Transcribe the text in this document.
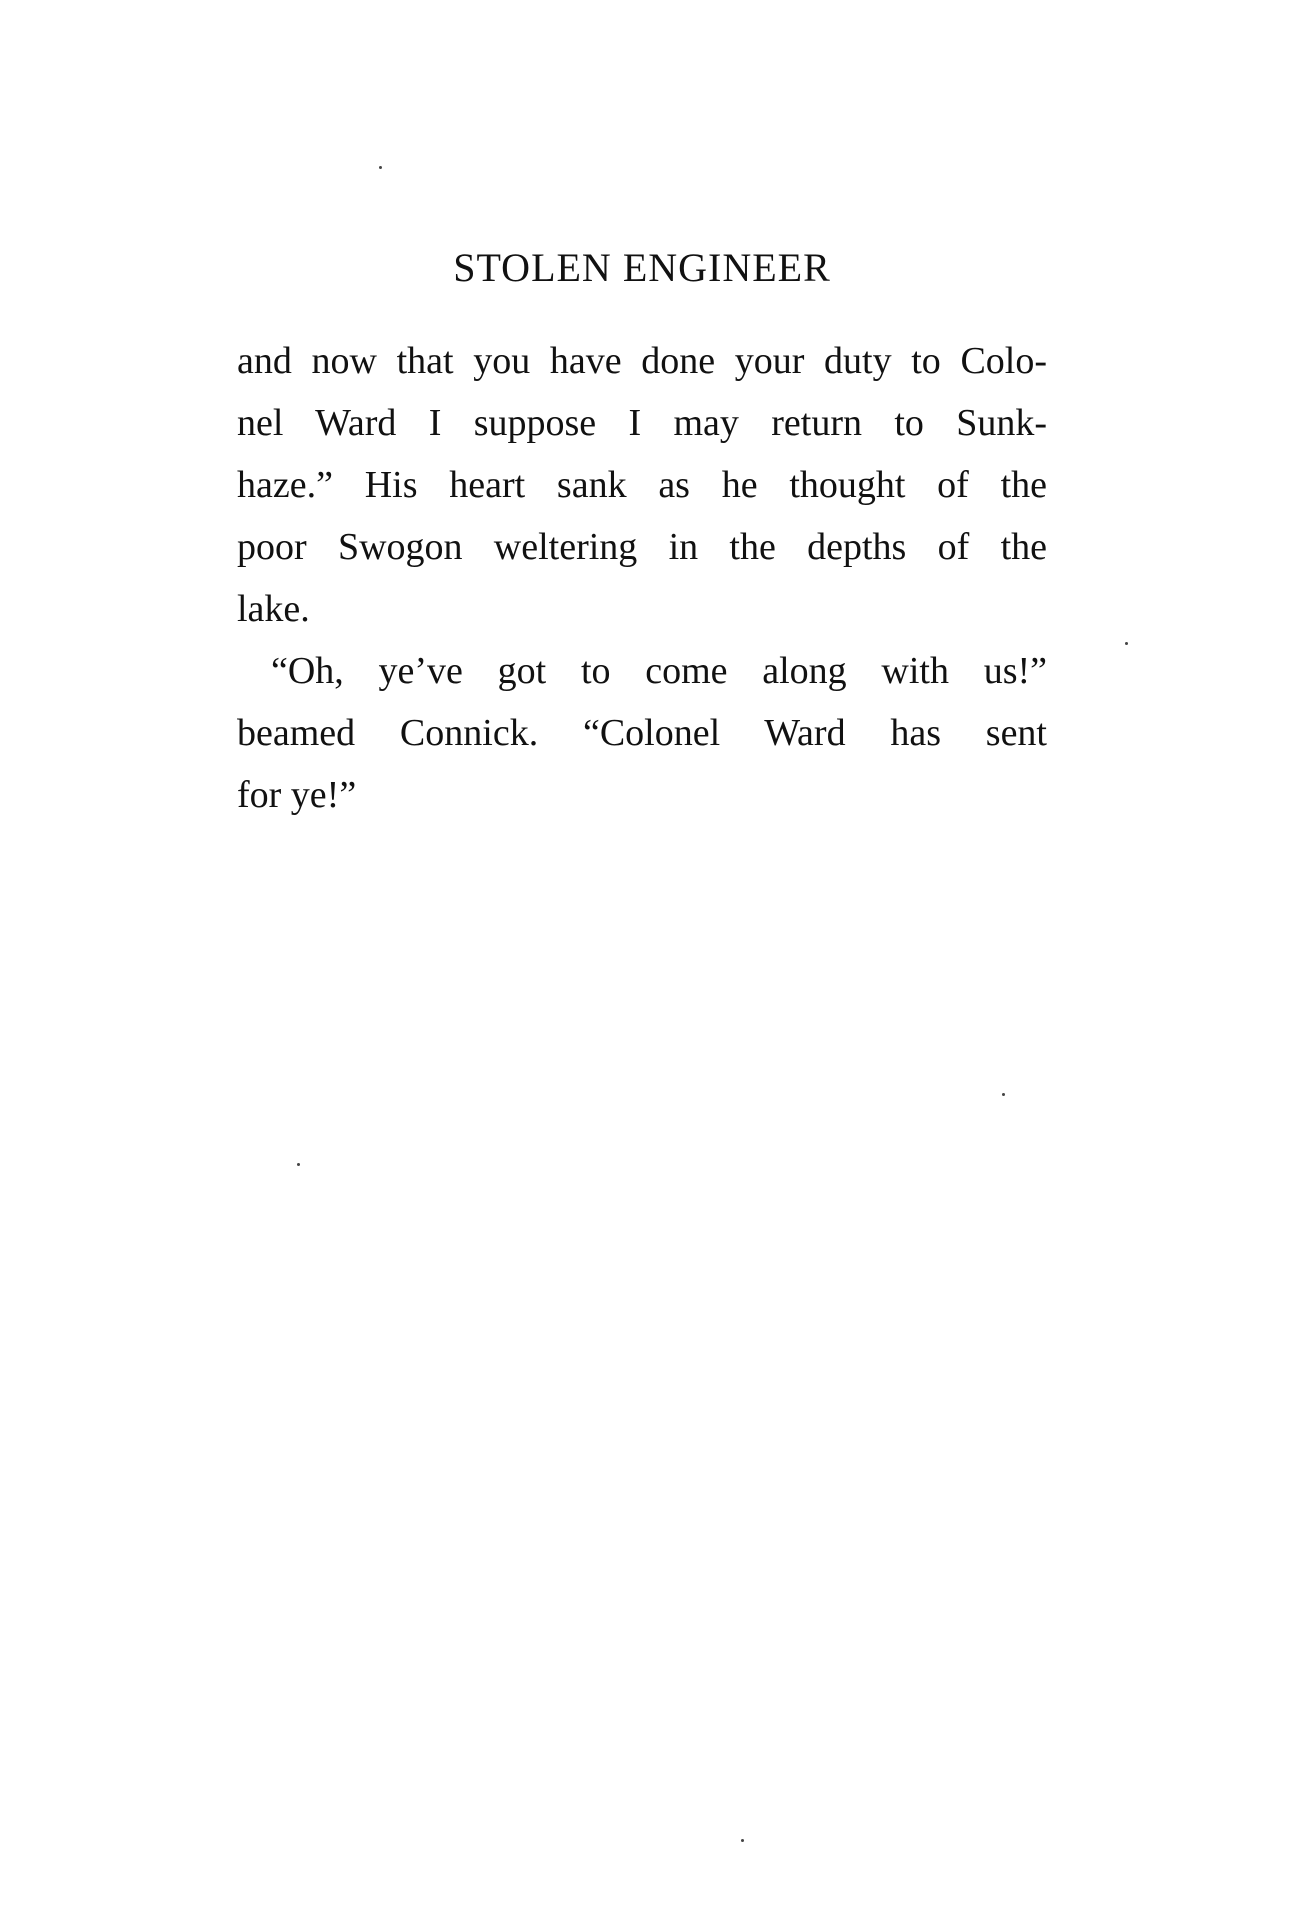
STOLEN ENGINEER
and now that you have done your duty to Colo-
nel Ward I suppose I may return to Sunk-
haze.” His heart sank as he thought of the
poor Swogon weltering in the depths of the
lake.
“Oh, ye’ve got to come along with us!”
beamed Connick. “Colonel Ward has sent
for ye!”
